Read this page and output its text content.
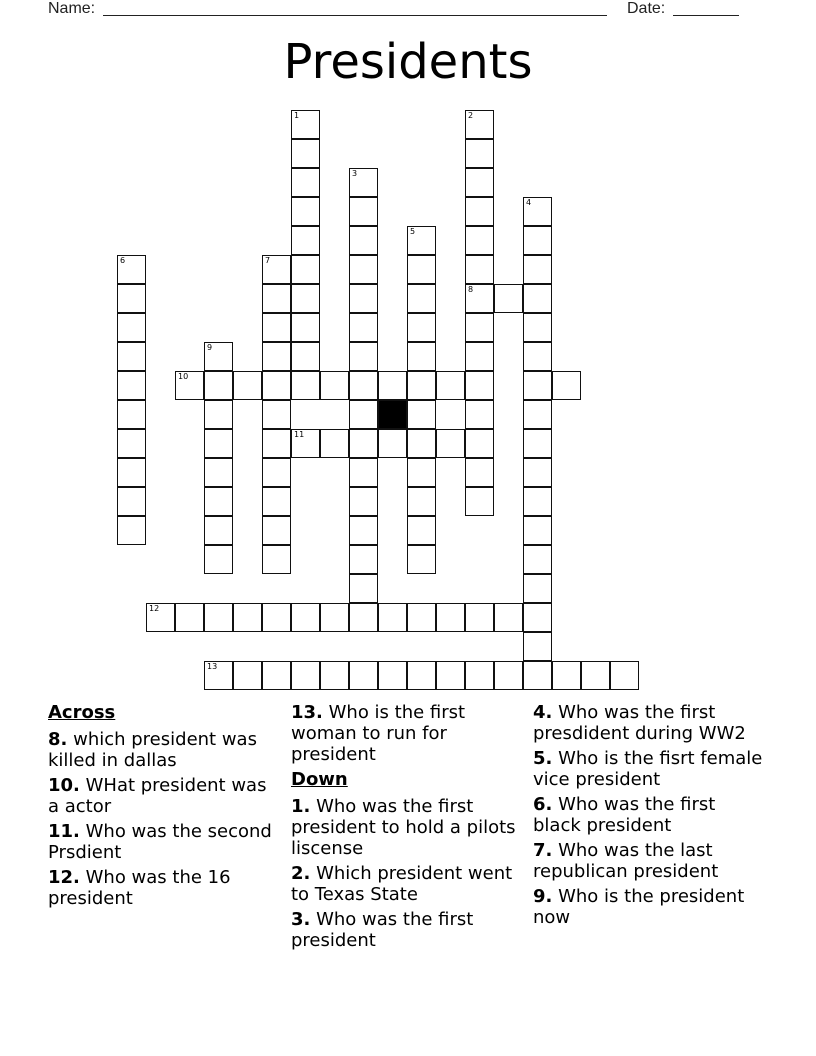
Name:	Date:
Presidents
1	2
8
3
4
5
6	7
9
10
11
12
13
Across
8. which president was killed in dallas
10. WHat president was a actor
11. Who was the second Prsdient
12. Who was the 16 president
13. Who is the first woman to run for president
Down
1. Who was the first president to hold a pilots liscense
2. Which president went to Texas State
3. Who was the first president
4. Who was the first presdident during WW2
5. Who is the fisrt female vice president
6. Who was the first black president
7. Who was the last republican president
9. Who is the president now
